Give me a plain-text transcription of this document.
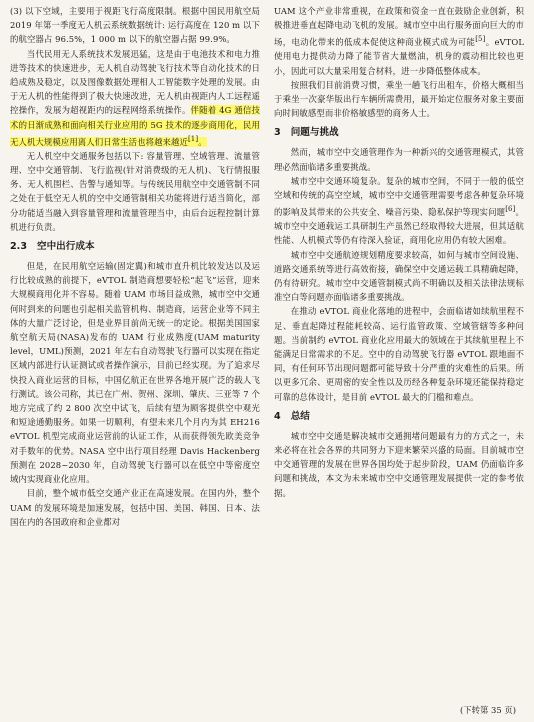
(3) 以下空域，主要用于视距飞行高度限制。根据中国民用航空局 2019 年第一季度无人机云系统数据统计: 运行高度在 120 m 以下的航空器占 96.5%，1 000 m 以下的航空器占据 99.9%。

当代民用无人系统技术发展迅猛，这是由于电池技术和电力推进等技术的快速进步，无人机自动驾驶飞行技术等自动化技术的日趋成熟及稳定，以及图像数据处理相人工智能数字处理的发展。由于无人机的性能得到了极大快速改进，无人机由视距内人工远程遥控操作，发展为超视距内的远程网络系统操作。伴随着 4G 通信技术的日渐成熟和面向相关行业应用的 5G 技术的逐步商用化，民用无人机大规模应用离人们日常生活也将越来越近[1]。

无人机空中交通服务包括以下: 容量管理、空域管理、流量管理、空中交通管制、飞行监视(针对消费级的无人机)、飞行情报服务、无人机围栏、告警与通知等。与传统民用航空中交通管制不同之处在于低空无人机的空中交通管制相关功能将进行适当简化，部分功能适当融入到容量管理和流量管理当中，由后台远程控制计算机进行负责。

2.3 空中出行成本

但是，在民用航空运输(固定翼)和城市直升机比较发达以及运行比较成熟的前提下，eVTOL 制造商想要轻松“起飞”运营，迎来大规模商用化并不容易。随着 UAM 市场目益成熟，城市空中交通何时到来的问题也引起相关监管机构、制造商，运营企业等不同主体的大量广泛讨论，但是业界目前尚无统一的定论。根据美国国家航空航天局(NASA)发布的 UAM 行业成熟度(UAM maturity level，UML)预测，2021 年左右自动驾驶飞行器可以实现在指定区域内部进行认证测试或者操作演示，目前已经实现。为了追求尽快投入商业运营的目标，中国亿航正在世界各地开展广泛的载人飞行测试。该公司称，其已在广州、贺州、深圳、肇庆、三亚等 7 个地方完成了约 2 800 次空中试飞，后续有望为顾客提供空中观光和短途通勤服务。如果一切顺利，有望未来几个月内为其 EH216 eVTOL 机型完成商业运营前的认证工作，从而获得领先欧美竞争对手数年的优势。NASA 空中出行项目经理 Davis Hackenberg 预测在 2028~2030 年，自动驾驶飞行器可以在低空中等密度空域内实现商业化应用。

目前，整个城市低空交通产业正在高速发展。在国内外，整个 UAM 的发展环境是加速发展，包括中国、美国、韩国、日本、法国在内的各国政府和企业都对

UAM 这个产业非常重视，在政策和资金一直在鼓励企业创新，积极推进垂直起降电动飞机的发展。城市空中出行服务面向巨大的市场，电动化带来的低成本促使这种商业模式成为可能[5]。eVTOL 使用电力提供动力降了能节省大量燃油，机身的震动相比较也更小，因此可以大量采用复合材料，进一步降低整体成本。

按照我们目前消费习惯，乘坐一趟飞行出租车，价格大概相当于乘坐一次豪华版出行车辆所需费用，最开始定位服务对象主要面向时间敏感型而非价格敏感型的商务人士。

3 问题与挑战

然而，城市空中交通管理作为一种新兴的交通管理模式，其管理必然面临诸多重要挑战。

城市空中交通环境复杂。复杂的城市空间，不同于一般的低空空域和传统的高空空域，城市空中交通管理需要考虑各种复杂环境的影响及其带来的公共安全、噪音污染、隐私保护等现实问题[6]。城市空中交通载运工具研制生产虽然已经取得较大进展，但其适航性能、人机模式等仍有待深入验证，商用化应用仍有较大困难。

城市空中交通航迹规划精度要求较高，如何与城市空间设施、道路交通系统等进行高效衔接，确保空中交通运载工具精确起降，仍有待研究。城市空中交通管制模式尚不明确以及相关法律法规标准空白等问题亦面临诸多重要挑战。

在推动 eVTOL 商业化落地的进程中，会面临诸如续航里程不足、垂直起降过程能耗较高、运行监管政策、空域管辖等多种问题。当前制约 eVTOL 商业化应用最大的领域在于其续航里程上不能满足日常需求的不足。空中的自动驾驶飞行器 eVTOL 跟地面不同，有任何环节出现问题都可能导致十分严重的灾难性的后果。所以更多冗余、更周密的安全性以及历经各种复杂环境还能保持稳定可靠的总体设计，是目前 eVTOL 最大的门槛和难点。

4 总结

城市空中交通是解决城市交通拥堵问题最有力的方式之一，未来必将在社会各界的共同努力下迎来繁荣兴盛的局面。目前城市空中交通管理的发展在世界各国均处于起步阶段，UAM 仍面临许多问题和挑战，本文为未来城市空中交通管理发展提供一定的参考依据。

(下转第 35 页)
